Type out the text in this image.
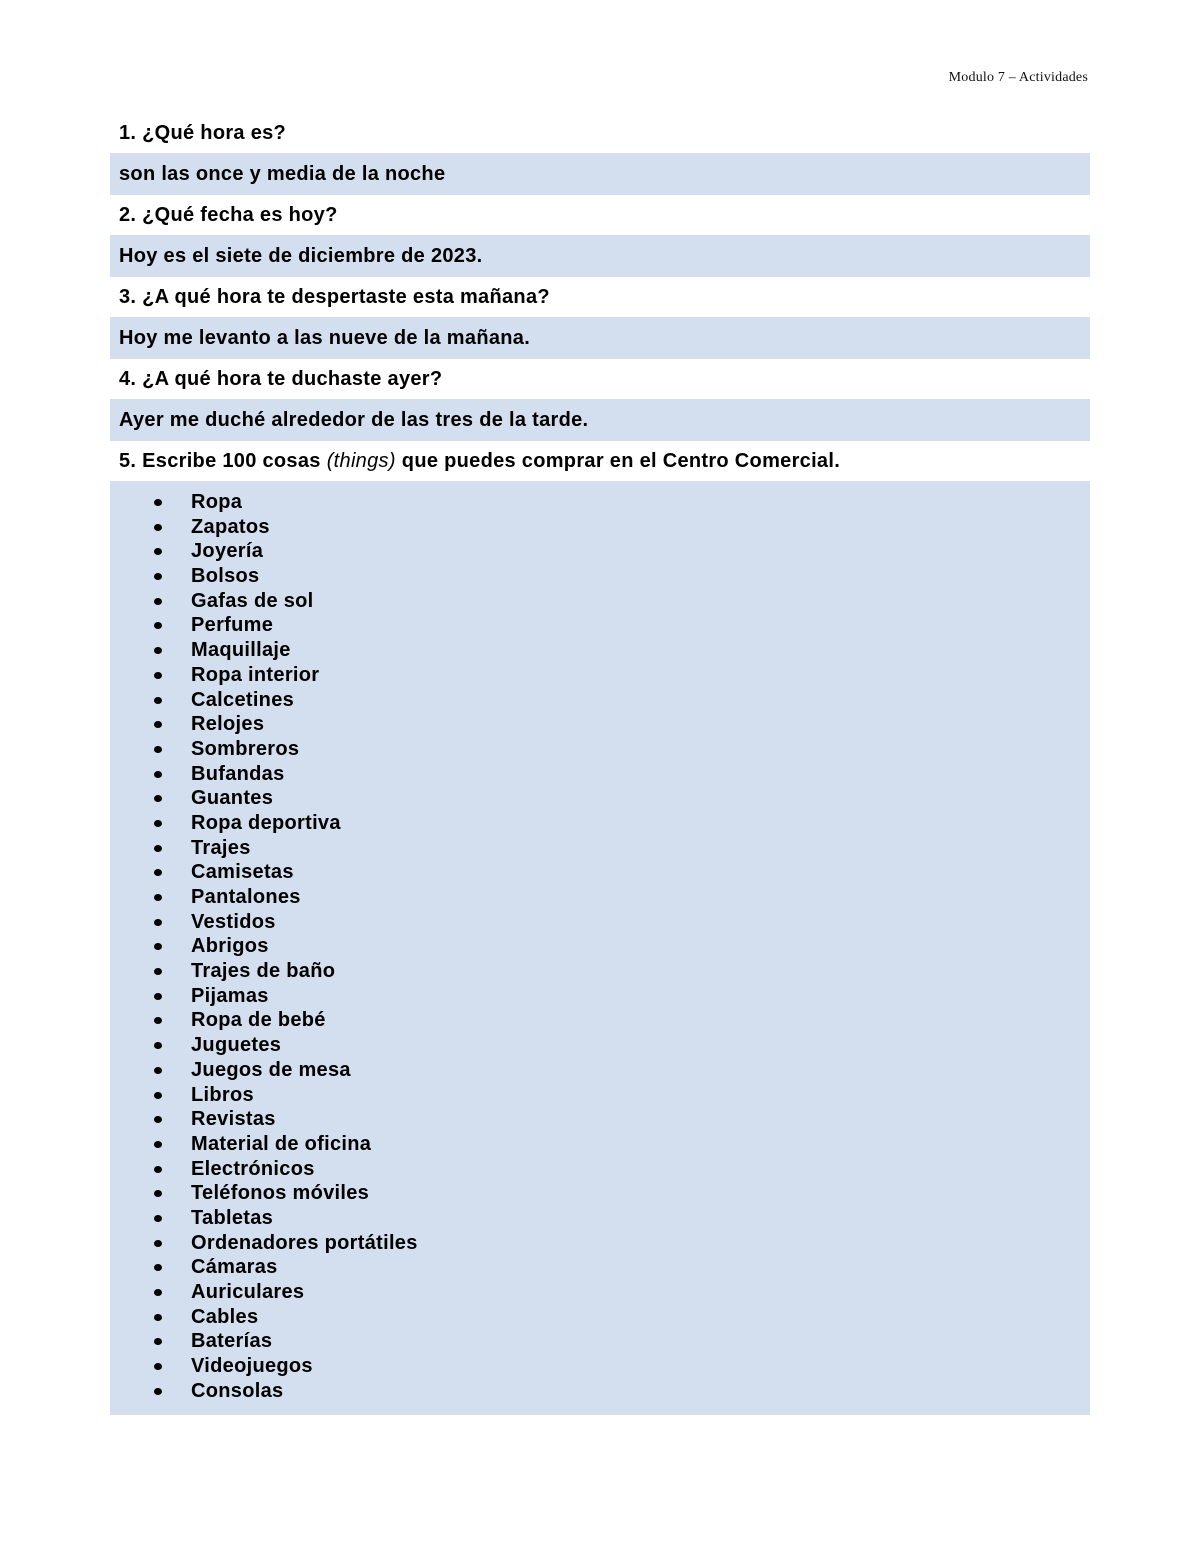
Modulo 7 – Actividades
1. ¿Qué hora es?
son las once y media de la noche
2. ¿Qué fecha es hoy?
Hoy es el siete de diciembre de 2023.
3. ¿A qué hora te despertaste esta mañana?
Hoy me levanto a las nueve de la mañana.
4. ¿A qué hora te duchaste ayer?
Ayer me duché alrededor de las tres de la tarde.
5. Escribe 100 cosas (things) que puedes comprar en el Centro Comercial.
Ropa
Zapatos
Joyería
Bolsos
Gafas de sol
Perfume
Maquillaje
Ropa interior
Calcetines
Relojes
Sombreros
Bufandas
Guantes
Ropa deportiva
Trajes
Camisetas
Pantalones
Vestidos
Abrigos
Trajes de baño
Pijamas
Ropa de bebé
Juguetes
Juegos de mesa
Libros
Revistas
Material de oficina
Electrónicos
Teléfonos móviles
Tabletas
Ordenadores portátiles
Cámaras
Auriculares
Cables
Baterías
Videojuegos
Consolas
